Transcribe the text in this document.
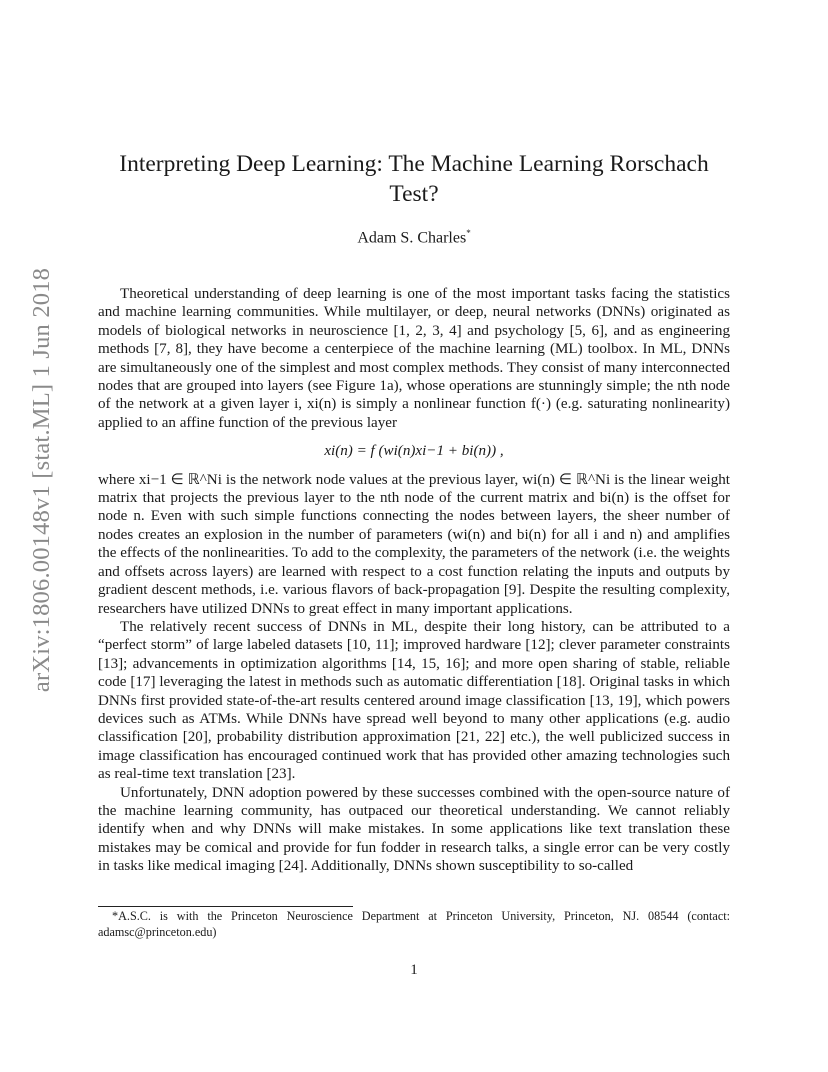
arXiv:1806.00148v1 [stat.ML] 1 Jun 2018
Interpreting Deep Learning: The Machine Learning Rorschach Test?
Adam S. Charles*

Theoretical understanding of deep learning is one of the most important tasks facing the statistics and machine learning communities. While multilayer, or deep, neural networks (DNNs) originated as models of biological networks in neuroscience [1, 2, 3, 4] and psychology [5, 6], and as engineering methods [7, 8], they have become a centerpiece of the machine learning (ML) toolbox. In ML, DNNs are simultaneously one of the simplest and most complex methods. They consist of many interconnected nodes that are grouped into layers (see Figure 1a), whose operations are stunningly simple; the nth node of the network at a given layer i, xi(n) is simply a nonlinear function f(·) (e.g. saturating nonlinearity) applied to an affine function of the previous layer

xi(n) = f (wi(n)xi−1 + bi(n)) ,

where xi−1 ∈ ℝ^Ni is the network node values at the previous layer, wi(n) ∈ ℝ^Ni is the linear weight matrix that projects the previous layer to the nth node of the current matrix and bi(n) is the offset for node n. Even with such simple functions connecting the nodes between layers, the sheer number of nodes creates an explosion in the number of parameters (wi(n) and bi(n) for all i and n) and amplifies the effects of the nonlinearities. To add to the complexity, the parameters of the network (i.e. the weights and offsets across layers) are learned with respect to a cost function relating the inputs and outputs by gradient descent methods, i.e. various flavors of back-propagation [9]. Despite the resulting complexity, researchers have utilized DNNs to great effect in many important applications.

The relatively recent success of DNNs in ML, despite their long history, can be attributed to a “perfect storm” of large labeled datasets [10, 11]; improved hardware [12]; clever parameter constraints [13]; advancements in optimization algorithms [14, 15, 16]; and more open sharing of stable, reliable code [17] leveraging the latest in methods such as automatic differentiation [18]. Original tasks in which DNNs first provided state-of-the-art results centered around image classification [13, 19], which powers devices such as ATMs. While DNNs have spread well beyond to many other applications (e.g. audio classification [20], probability distribution approximation [21, 22] etc.), the well publicized success in image classification has encouraged continued work that has provided other amazing technologies such as real-time text translation [23].

Unfortunately, DNN adoption powered by these successes combined with the open-source nature of the machine learning community, has outpaced our theoretical understanding. We cannot reliably identify when and why DNNs will make mistakes. In some applications like text translation these mistakes may be comical and provide for fun fodder in research talks, a single error can be very costly in tasks like medical imaging [24]. Additionally, DNNs shown susceptibility to so-called

*A.S.C. is with the Princeton Neuroscience Department at Princeton University, Princeton, NJ. 08544 (contact: adamsc@princeton.edu)
1
